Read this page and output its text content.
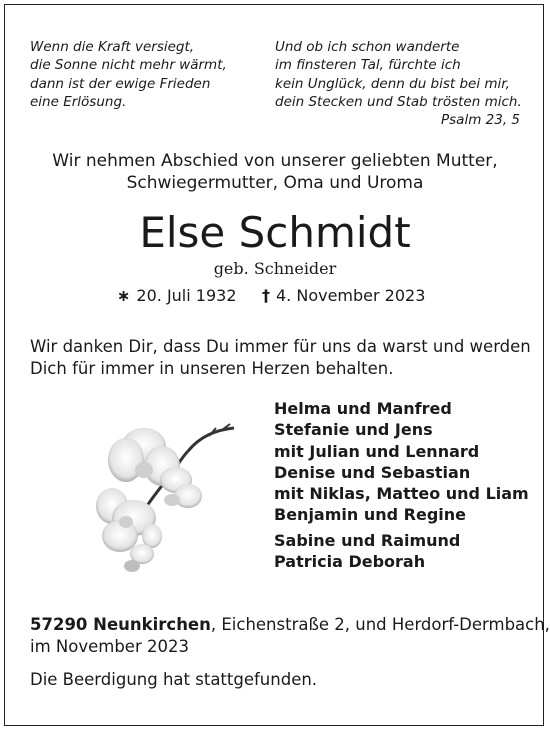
Wenn die Kraft versiegt,
die Sonne nicht mehr wärmt,
dann ist der ewige Frieden
eine Erlösung.
Und ob ich schon wanderte
im finsteren Tal, fürchte ich
kein Unglück, denn du bist bei mir,
dein Stecken und Stab trösten mich.
Psalm 23, 5
Wir nehmen Abschied von unserer geliebten Mutter,
Schwiegermutter, Oma und Uroma
Else Schmidt
geb. Schneider
∗ 20. Juli 1932 † 4. November 2023
Wir danken Dir, dass Du immer für uns da warst und werden
Dich für immer in unseren Herzen behalten.
Helma und Manfred
Stefanie und Jens
mit Julian und Lennard
Denise und Sebastian
mit Niklas, Matteo und Liam
Benjamin und Regine
Sabine und Raimund
Patricia Deborah
57290 Neunkirchen, Eichenstraße 2, und Herdorf-Dermbach,
im November 2023
Die Beerdigung hat stattgefunden.
